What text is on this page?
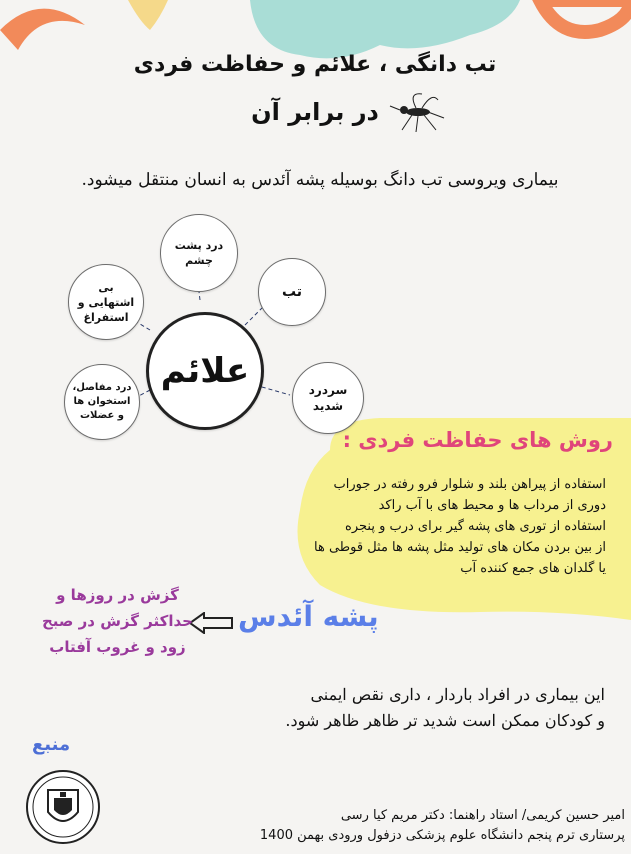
تب دانگی ، علائم و حفاظت فردی
در برابر آن
بیماری ویروسی تب دانگ بوسیله پشه آئدس به انسان منتقل میشود.
علائم
درد پشت چشم
تب
بی اشتهایی و استفراغ
سردرد شدید
درد مفاصل، استخوان ها و عضلات
روش های حفاظت فردی :
استفاده از پیراهن بلند و شلوار فرو رفته در جوراب
دوری از مرداب ها و محیط های با آب راکد
استفاده از توری های پشه گیر برای درب و پنجره
از بین بردن مکان های تولید مثل پشه ها مثل قوطی ها
یا گلدان های جمع کننده آب
پشه آئدس
گزش در روزها و
حداکثر گزش در صبح
زود و غروب آفتاب
این بیماری در افراد باردار ، داری نقص ایمنی
و کودکان ممکن است شدید تر ظاهر ظاهر شود.
منبع
امیر حسین کریمی/ استاد راهنما: دکتر مریم کیا رسی
پرستاری ترم پنجم دانشگاه علوم پزشکی دزفول ورودی بهمن 1400
